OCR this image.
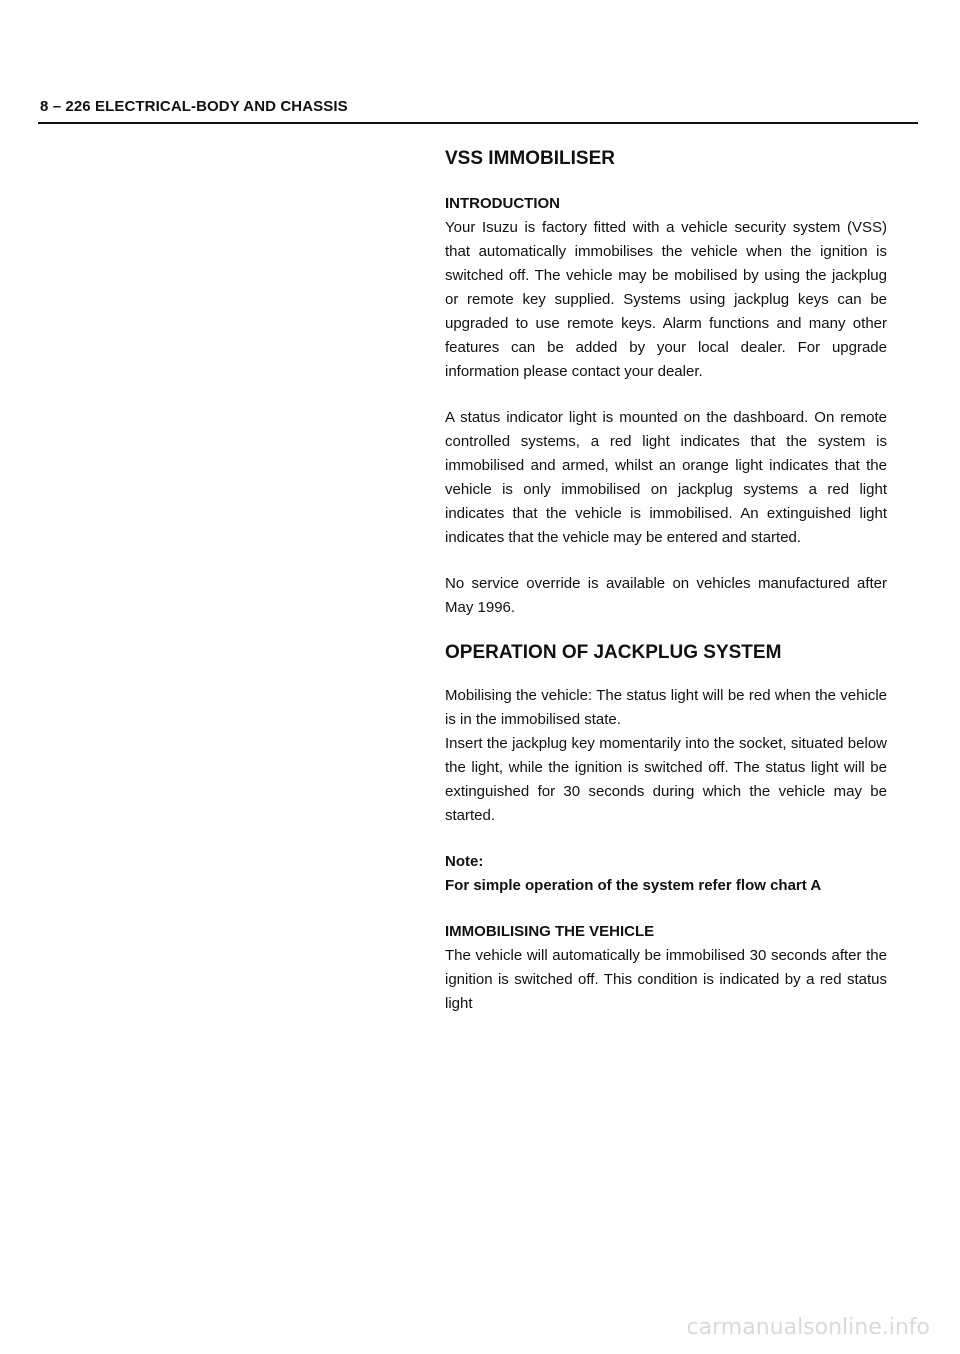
8 – 226 ELECTRICAL-BODY AND CHASSIS
VSS IMMOBILISER
INTRODUCTION

Your Isuzu is factory fitted with a vehicle security system (VSS) that automatically immobilises the vehicle when the ignition is switched off. The vehicle may be mobilised by using the jackplug or remote key supplied. Systems using jackplug keys can be upgraded to use remote keys. Alarm functions and many other features can be added by your local dealer. For upgrade information please contact your dealer.

A status indicator light is mounted on the dashboard. On remote controlled systems, a red light indicates that the system is immobilised and armed, whilst an orange light indicates that the vehicle is only immobilised on jackplug systems a red light indicates that the vehicle is immobilised. An extinguished light indicates that the vehicle may be entered and started.

No service override is available on vehicles manufactured after May 1996.

OPERATION OF JACKPLUG SYSTEM

Mobilising the vehicle: The status light will be red when the vehicle is in the immobilised state.

Insert the jackplug key momentarily into the socket, situated below the light, while the ignition is switched off. The status light will be extinguished for 30 seconds during which the vehicle may be started.

Note:
For simple operation of the system refer flow chart A
IMMOBILISING THE VEHICLE

The vehicle will automatically be immobilised 30 seconds after the ignition is switched off. This condition is indicated by a red status light

carmanualsonline.info
